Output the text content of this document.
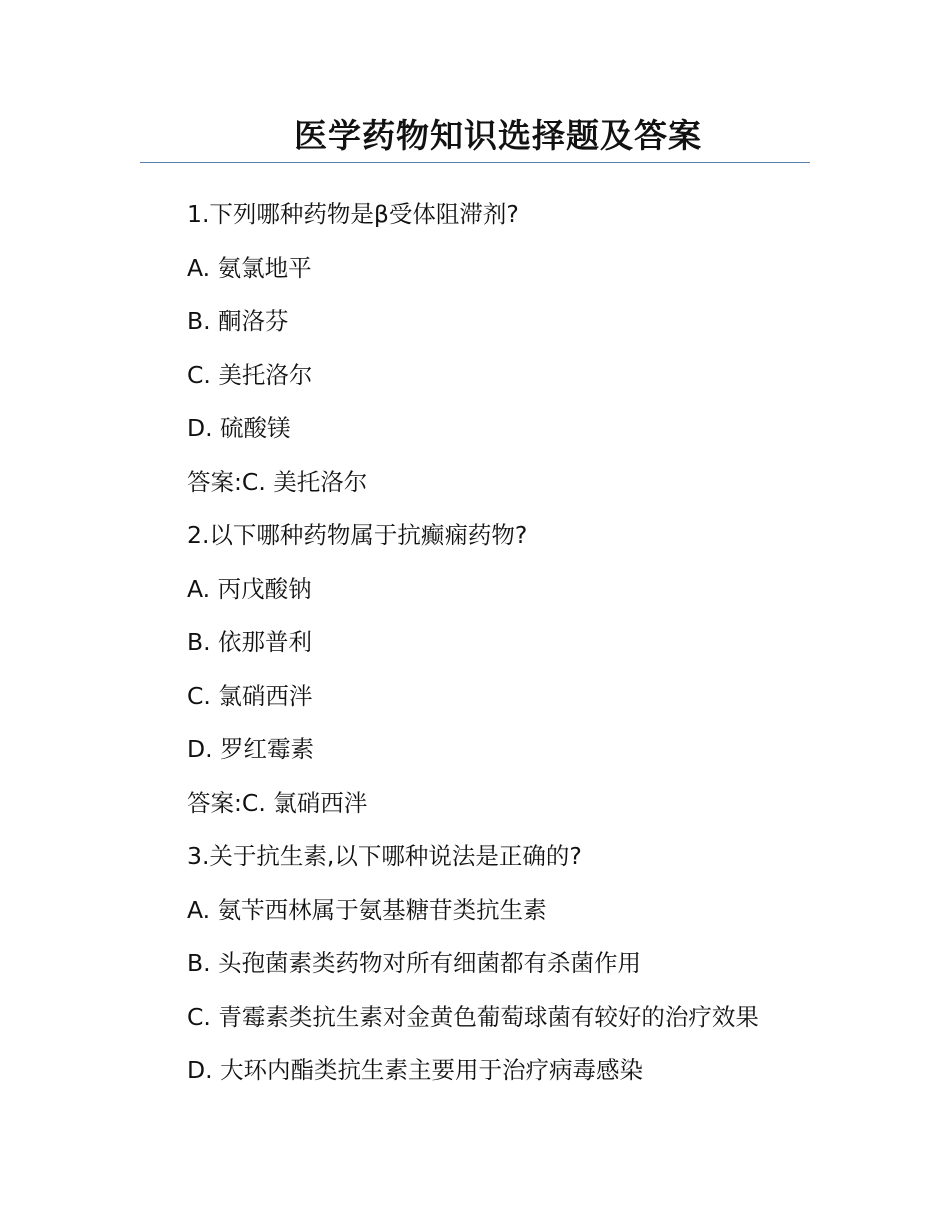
医学药物知识选择题及答案
1.下列哪种药物是β受体阻滞剂?
A. 氨氯地平
B. 酮洛芬
C. 美托洛尔
D. 硫酸镁
答案:C. 美托洛尔
2.以下哪种药物属于抗癫痫药物?
A. 丙戊酸钠
B. 依那普利
C. 氯硝西泮
D. 罗红霉素
答案:C. 氯硝西泮
3.关于抗生素,以下哪种说法是正确的?
A. 氨苄西林属于氨基糖苷类抗生素
B. 头孢菌素类药物对所有细菌都有杀菌作用
C. 青霉素类抗生素对金黄色葡萄球菌有较好的治疗效果
D. 大环内酯类抗生素主要用于治疗病毒感染
